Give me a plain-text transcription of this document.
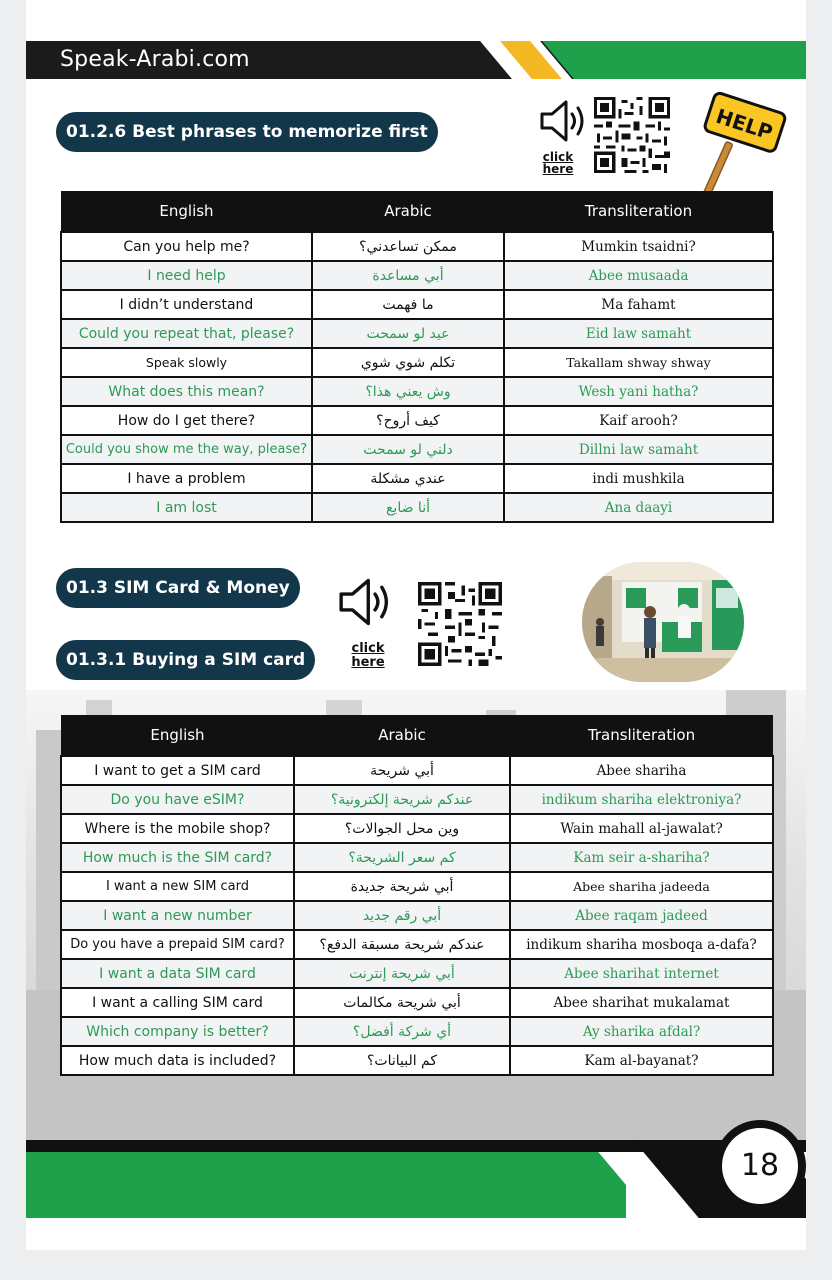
Speak-Arabi.com
01.2.6 Best phrases to memorize first
click
here
HELP
English	Arabic	Transliteration
Can you help me?	ممكن تساعدني؟	Mumkin tsaidni?
I need help	أبي مساعدة	Abee musaada
I didn’t understand	ما فهمت	Ma fahamt
Could you repeat that, please?	عيد لو سمحت	Eid law samaht
Speak slowly	تكلم شوي شوي	Takallam shway shway
What does this mean?	وش يعني هذا؟	Wesh yani hatha?
How do I get there?	كيف أروح؟	Kaif arooh?
Could you show me the way, please?	دلني لو سمحت	Dillni law samaht
I have a problem	عندي مشكلة	indi mushkila
I am lost	أنا ضايع	Ana daayi
01.3 SIM Card & Money
01.3.1 Buying a SIM card
click
here
English	Arabic	Transliteration
I want to get a SIM card	أبي شريحة	Abee shariha
Do you have eSIM?	عندكم شريحة إلكترونية؟	indikum shariha elektroniya?
Where is the mobile shop?	وين محل الجوالات؟	Wain mahall al-jawalat?
How much is the SIM card?	كم سعر الشريحة؟	Kam seir a-shariha?
I want a new SIM card	أبي شريحة جديدة	Abee shariha jadeeda
I want a new number	أبي رقم جديد	Abee raqam jadeed
Do you have a prepaid SIM card?	عندكم شريحة مسبقة الدفع؟	indikum shariha mosboqa a-dafa?
I want a data SIM card	أبي شريحة إنترنت	Abee sharihat internet
I want a calling SIM card	أبي شريحة مكالمات	Abee sharihat mukalamat
Which company is better?	أي شركة أفضل؟	Ay sharika afdal?
How much data is included?	كم البيانات؟	Kam al-bayanat?
18
